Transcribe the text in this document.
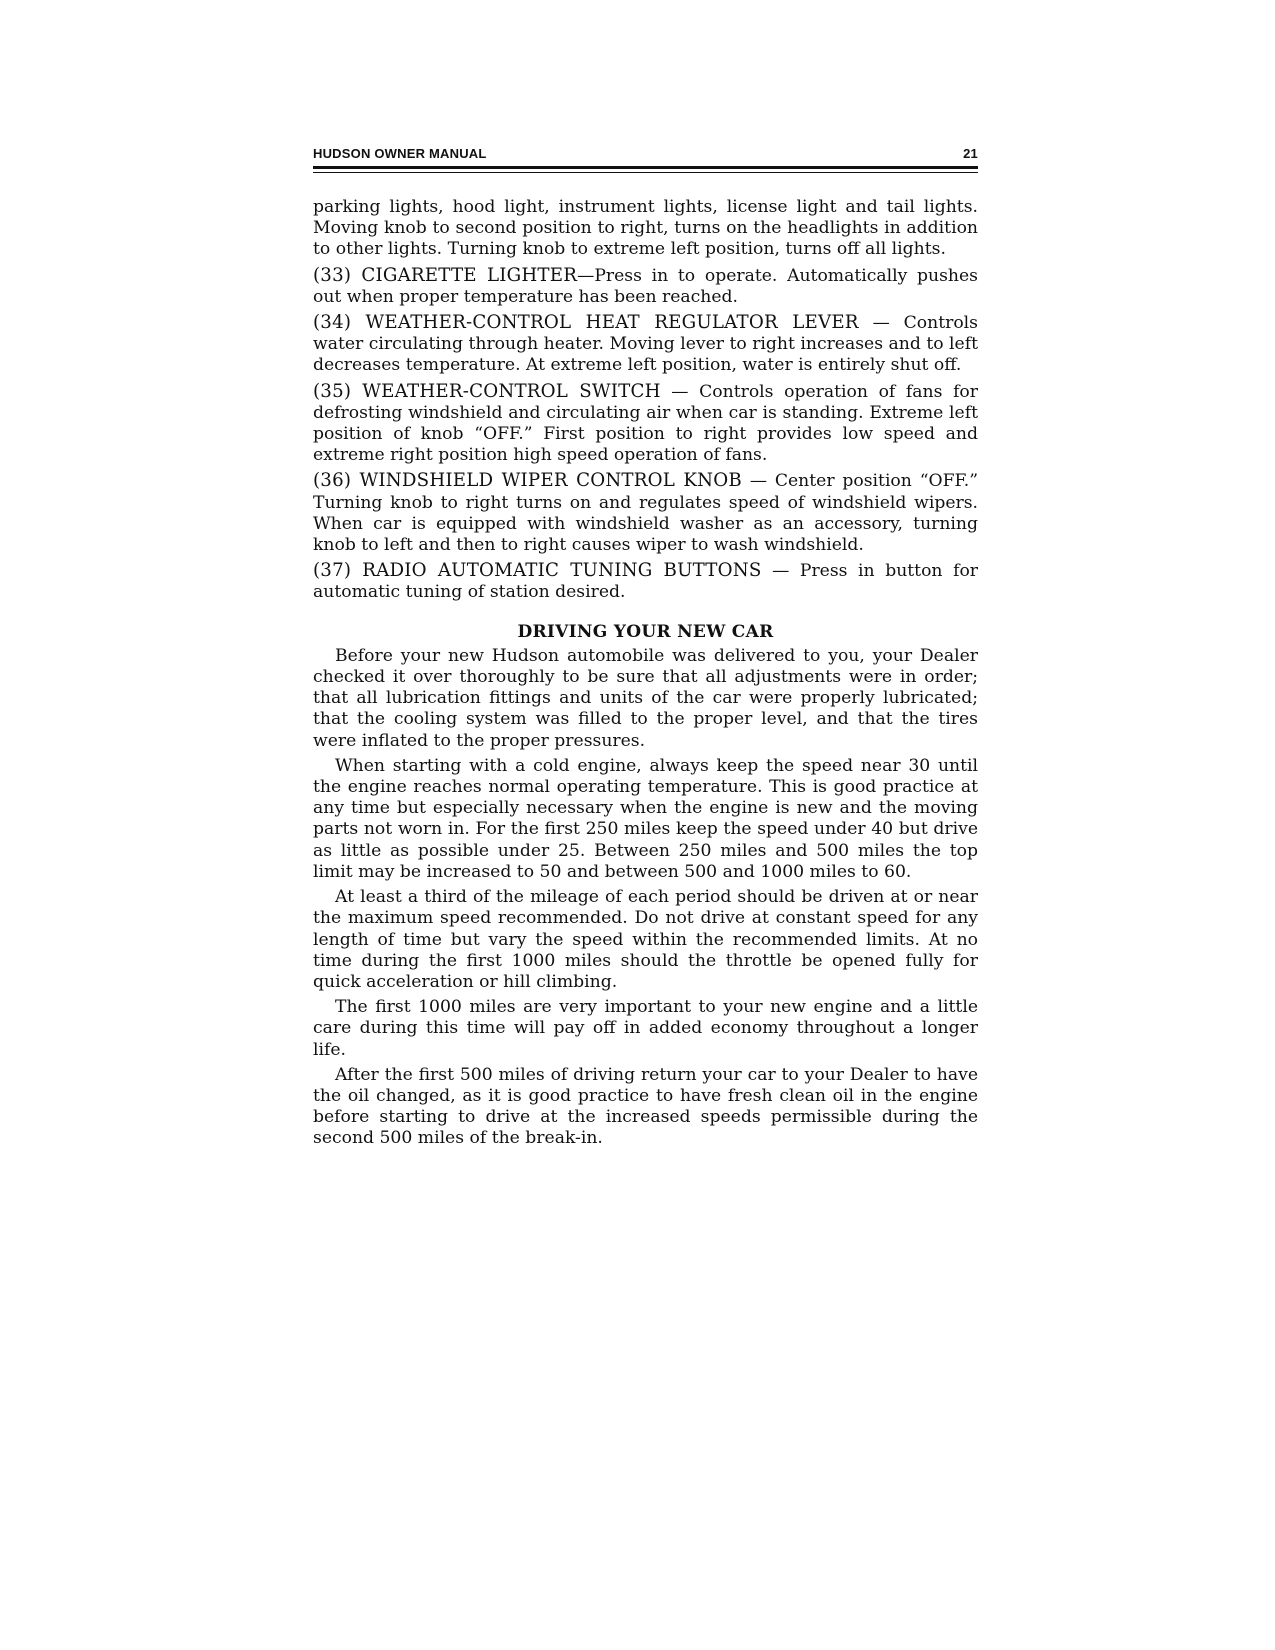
HUDSON OWNER MANUAL	21

parking lights, hood light, instrument lights, license light and tail lights. Moving knob to second position to right, turns on the headlights in addition to other lights. Turning knob to extreme left position, turns off all lights.

(33) CIGARETTE LIGHTER—Press in to operate. Automatically pushes out when proper temperature has been reached.

(34) WEATHER-CONTROL HEAT REGULATOR LEVER — Controls water circulating through heater. Moving lever to right increases and to left decreases temperature. At extreme left position, water is entirely shut off.

(35) WEATHER-CONTROL SWITCH — Controls operation of fans for defrosting windshield and circulating air when car is standing. Extreme left position of knob “OFF.” First position to right provides low speed and extreme right position high speed operation of fans.

(36) WINDSHIELD WIPER CONTROL KNOB — Center position “OFF.” Turning knob to right turns on and regulates speed of windshield wipers. When car is equipped with windshield washer as an accessory, turning knob to left and then to right causes wiper to wash windshield.

(37) RADIO AUTOMATIC TUNING BUTTONS — Press in button for automatic tuning of station desired.

DRIVING YOUR NEW CAR

Before your new Hudson automobile was delivered to you, your Dealer checked it over thoroughly to be sure that all adjustments were in order; that all lubrication fittings and units of the car were properly lubricated; that the cooling system was filled to the proper level, and that the tires were inflated to the proper pressures.

When starting with a cold engine, always keep the speed near 30 until the engine reaches normal operating temperature. This is good practice at any time but especially necessary when the engine is new and the moving parts not worn in. For the first 250 miles keep the speed under 40 but drive as little as possible under 25. Between 250 miles and 500 miles the top limit may be increased to 50 and between 500 and 1000 miles to 60.

At least a third of the mileage of each period should be driven at or near the maximum speed recommended. Do not drive at constant speed for any length of time but vary the speed within the recommended limits. At no time during the first 1000 miles should the throttle be opened fully for quick acceleration or hill climbing.

The first 1000 miles are very important to your new engine and a little care during this time will pay off in added economy throughout a longer life.

After the first 500 miles of driving return your car to your Dealer to have the oil changed, as it is good practice to have fresh clean oil in the engine before starting to drive at the increased speeds permissible during the second 500 miles of the break-in.
